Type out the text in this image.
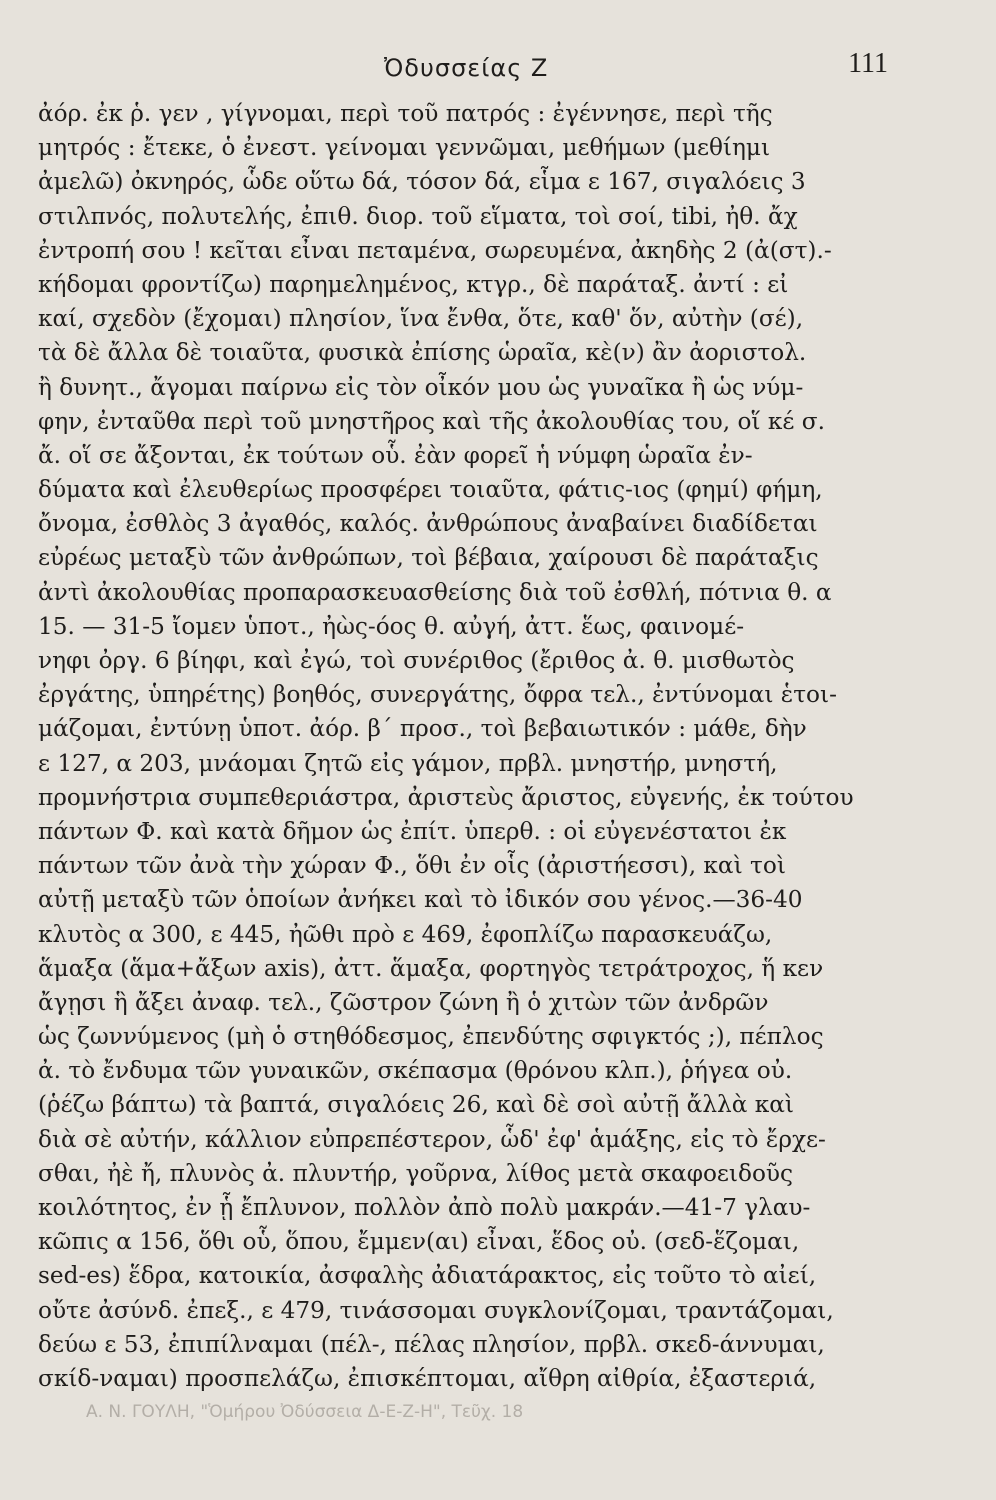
Ὀδυσσείας Ζ	111
ἀόρ. ἐκ ῥ. γεν , γίγνομαι, περὶ τοῦ πατρός : ἐγέννησε, περὶ τῆς
μητρός : ἔτεκε, ὁ ἐνεστ. γείνομαι γεννῶμαι, μεθήμων (μεθίημι
ἀμελῶ) ὀκνηρός, ὧδε οὕτω δά, τόσον δά, εἷμα ε 167, σιγαλόεις 3
στιλπνός, πολυτελής, ἐπιθ. διορ. τοῦ εἵματα, τοὶ σοί, tibi, ἠθ. ἄχ
ἐντροπή σου ! κεῖται εἶναι πεταμένα, σωρευμένα, ἀκηδὴς 2 (ἀ(στ).-
κήδομαι φροντίζω) παρημελημένος, κτγρ., δὲ παράταξ. ἀντί : εἰ
καί, σχεδὸν (ἔχομαι) πλησίον, ἵνα ἔνθα, ὅτε, καθ' ὅν, αὐτὴν (σέ),
τὰ δὲ ἄλλα δὲ τοιαῦτα, φυσικὰ ἐπίσης ὡραῖα, κὲ(ν) ἂν ἀοριστολ.
ἢ δυνητ., ἄγομαι παίρνω εἰς τὸν οἶκόν μου ὡς γυναῖκα ἢ ὡς νύμ-
φην, ἐνταῦθα περὶ τοῦ μνηστῆρος καὶ τῆς ἀκολουθίας του, οἵ κέ σ.
ἄ. οἵ σε ἄξονται, ἐκ τούτων οὗ. ἐὰν φορεῖ ἡ νύμφη ὡραῖα ἐν-
δύματα καὶ ἐλευθερίως προσφέρει τοιαῦτα, φάτις-ιος (φημί) φήμη,
ὄνομα, ἐσθλὸς 3 ἀγαθός, καλός. ἀνθρώπους ἀναβαίνει διαδίδεται
εὐρέως μεταξὺ τῶν ἀνθρώπων, τοὶ βέβαια, χαίρουσι δὲ παράταξις
ἀντὶ ἀκολουθίας προπαρασκευασθείσης διὰ τοῦ ἐσθλή, πότνια θ. α
15. — 31-5 ἴομεν ὑποτ., ἠὼς-όος θ. αὐγή, ἀττ. ἕως, φαινομέ-
νηφι ὀργ. 6 βίηφι, καὶ ἐγώ, τοὶ συνέριθος (ἔριθος ἀ. θ. μισθωτὸς
ἐργάτης, ὑπηρέτης) βοηθός, συνεργάτης, ὄφρα τελ., ἐντύνομαι ἑτοι-
μάζομαι, ἐντύνῃ ὑποτ. ἀόρ. β΄ προσ., τοὶ βεβαιωτικόν : μάθε, δὴν
ε 127, α 203, μνάομαι ζητῶ εἰς γάμον, πρβλ. μνηστήρ, μνηστή,
προμνήστρια συμπεθεριάστρα, ἀριστεὺς ἄριστος, εὐγενής, ἐκ τούτου
πάντων Φ. καὶ κατὰ δῆμον ὡς ἐπίτ. ὑπερθ. : οἱ εὐγενέστατοι ἐκ
πάντων τῶν ἀνὰ τὴν χώραν Φ., ὅθι ἐν οἷς (ἀριστήεσσι), καὶ τοὶ
αὐτῇ μεταξὺ τῶν ὁποίων ἀνήκει καὶ τὸ ἰδικόν σου γένος.—36-40
κλυτὸς α 300, ε 445, ἠῶθι πρὸ ε 469, ἐφοπλίζω παρασκευάζω,
ἅμαξα (ἅμα+ἄξων axis), ἀττ. ἅμαξα, φορτηγὸς τετράτροχος, ἥ κεν
ἄγῃσι ἣ ἄξει ἀναφ. τελ., ζῶστρον ζώνη ἢ ὁ χιτὼν τῶν ἀνδρῶν
ὡς ζωννύμενος (μὴ ὁ στηθόδεσμος, ἐπενδύτης σφιγκτός ;), πέπλος
ἀ. τὸ ἔνδυμα τῶν γυναικῶν, σκέπασμα (θρόνου κλπ.), ῥήγεα οὐ.
(ῥέζω βάπτω) τὰ βαπτά, σιγαλόεις 26, καὶ δὲ σοὶ αὐτῇ ἄλλὰ καὶ
διὰ σὲ αὐτήν, κάλλιον εὐπρεπέστερον, ὧδ' ἐφ' ἁμάξης, εἰς τὸ ἔρχε-
σθαι, ἠὲ ἤ, πλυνὸς ἀ. πλυντήρ, γοῦρνα, λίθος μετὰ σκαφοειδοῦς
κοιλότητος, ἐν ᾗ ἔπλυνον, πολλὸν ἀπὸ πολὺ μακράν.—41-7 γλαυ-
κῶπις α 156, ὅθι οὗ, ὅπου, ἔμμεν(αι) εἶναι, ἕδος οὐ. (σεδ-ἕζομαι,
sed-es) ἕδρα, κατοικία, ἀσφαλὴς ἀδιατάρακτος, εἰς τοῦτο τὸ αἰεί,
οὔτε ἀσύνδ. ἐπεξ., ε 479, τινάσσομαι συγκλονίζομαι, τραντάζομαι,
δεύω ε 53, ἐπιπίλναμαι (πέλ-, πέλας πλησίον, πρβλ. σκεδ-άννυμαι,
σκίδ-ναμαι) προσπελάζω, ἐπισκέπτομαι, αἴθρη αἰθρία, ἐξαστεριά,
Α. Ν. ΓΟΥΛΗ, "Ὁμήρου Ὀδύσσεια Δ-Ε-Ζ-Η", Τεῦχ. 18
